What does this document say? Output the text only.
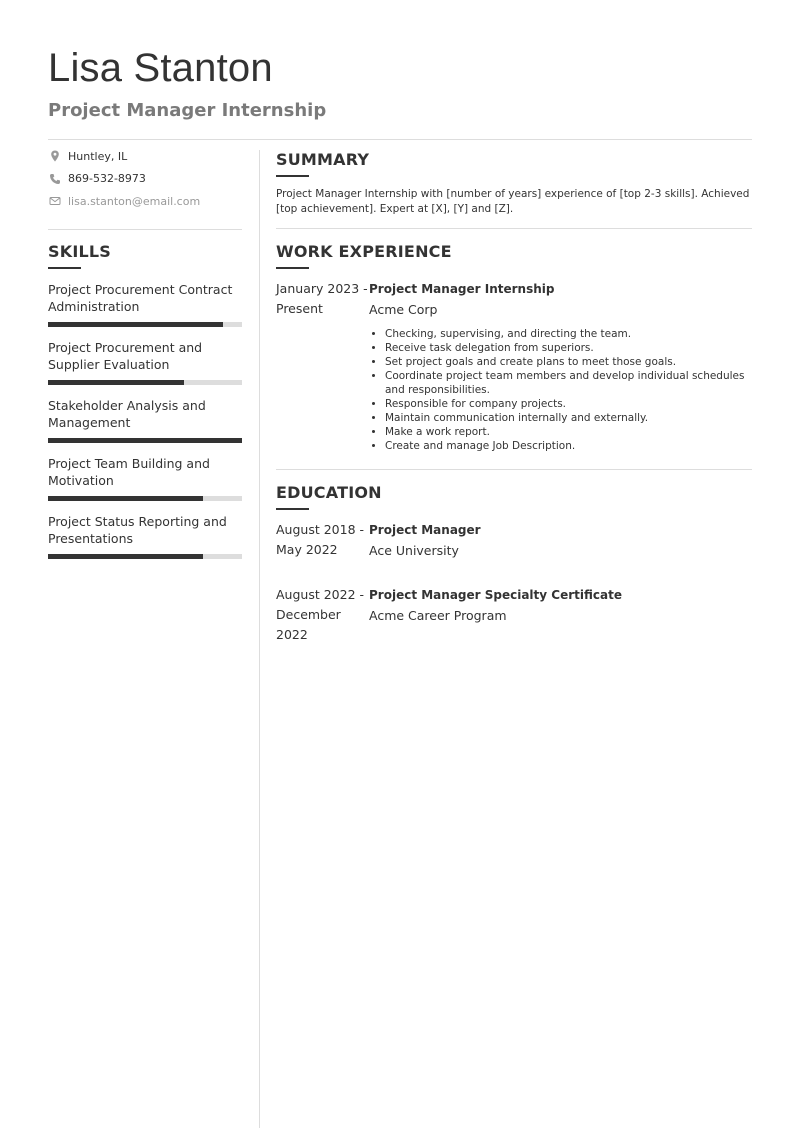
Lisa Stanton
Project Manager Internship
Huntley, IL
869-532-8973
lisa.stanton@email.com
SKILLS
Project Procurement Contract Administration
Project Procurement and Supplier Evaluation
Stakeholder Analysis and Management
Project Team Building and Motivation
Project Status Reporting and Presentations
SUMMARY

Project Manager Internship with [number of years] experience of [top 2-3 skills]. Achieved [top achievement]. Expert at [X], [Y] and [Z].

WORK EXPERIENCE
January 2023 -
Present
Project Manager Internship
Acme Corp
• Checking, supervising, and directing the team.
• Receive task delegation from superiors.
• Set project goals and create plans to meet those goals.
• Coordinate project team members and develop individual schedules and responsibilities.
• Responsible for company projects.
• Maintain communication internally and externally.
• Make a work report.
• Create and manage Job Description.
EDUCATION
August 2018 -
May 2022
Project Manager
Ace University
August 2022 -
December 2022
Project Manager Specialty Certificate
Acme Career Program
